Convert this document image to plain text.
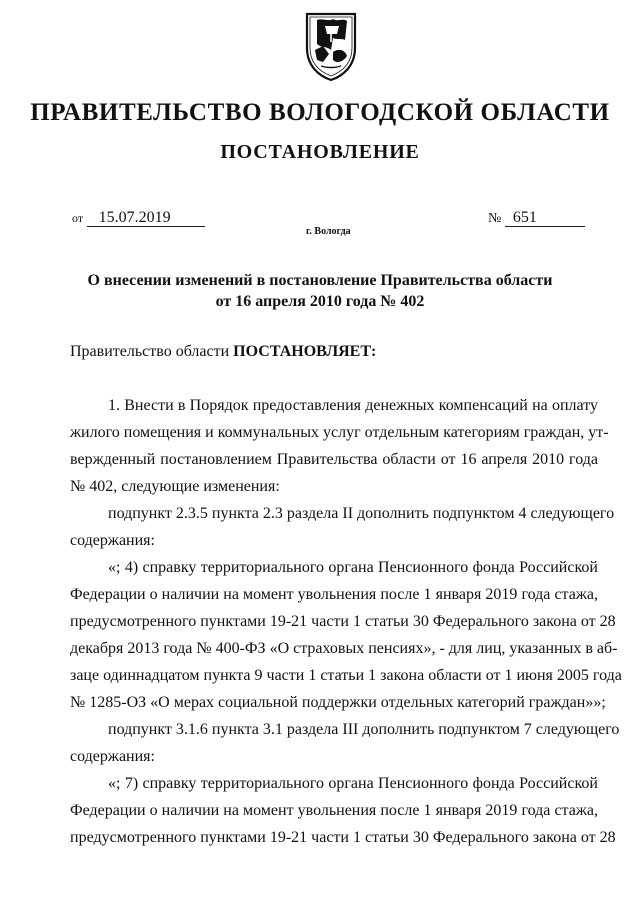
ПРАВИТЕЛЬСТВО ВОЛОГОДСКОЙ ОБЛАСТИ
ПОСТАНОВЛЕНИЕ
от 15.07.2019	№ 651
г. Вологда
О внесении изменений в постановление Правительства области
от 16 апреля 2010 года № 402
Правительство области ПОСТАНОВЛЯЕТ:
1. Внести в Порядок предоставления денежных компенсаций на оплату
жилого помещения и коммунальных услуг отдельным категориям граждан, ут-
вержденный постановлением Правительства области от 16 апреля 2010 года
№ 402, следующие изменения:
подпункт 2.3.5 пункта 2.3 раздела II дополнить подпунктом 4 следующего
содержания:
«; 4) справку территориального органа Пенсионного фонда Российской
Федерации о наличии на момент увольнения после 1 января 2019 года стажа,
предусмотренного пунктами 19-21 части 1 статьи 30 Федерального закона от 28
декабря 2013 года № 400-ФЗ «О страховых пенсиях», - для лиц, указанных в аб-
заце одиннадцатом пункта 9 части 1 статьи 1 закона области от 1 июня 2005 года
№ 1285-ОЗ «О мерах социальной поддержки отдельных категорий граждан»»;
подпункт 3.1.6 пункта 3.1 раздела III дополнить подпунктом 7 следующего
содержания:
«; 7) справку территориального органа Пенсионного фонда Российской
Федерации о наличии на момент увольнения после 1 января 2019 года стажа,
предусмотренного пунктами 19-21 части 1 статьи 30 Федерального закона от 28
